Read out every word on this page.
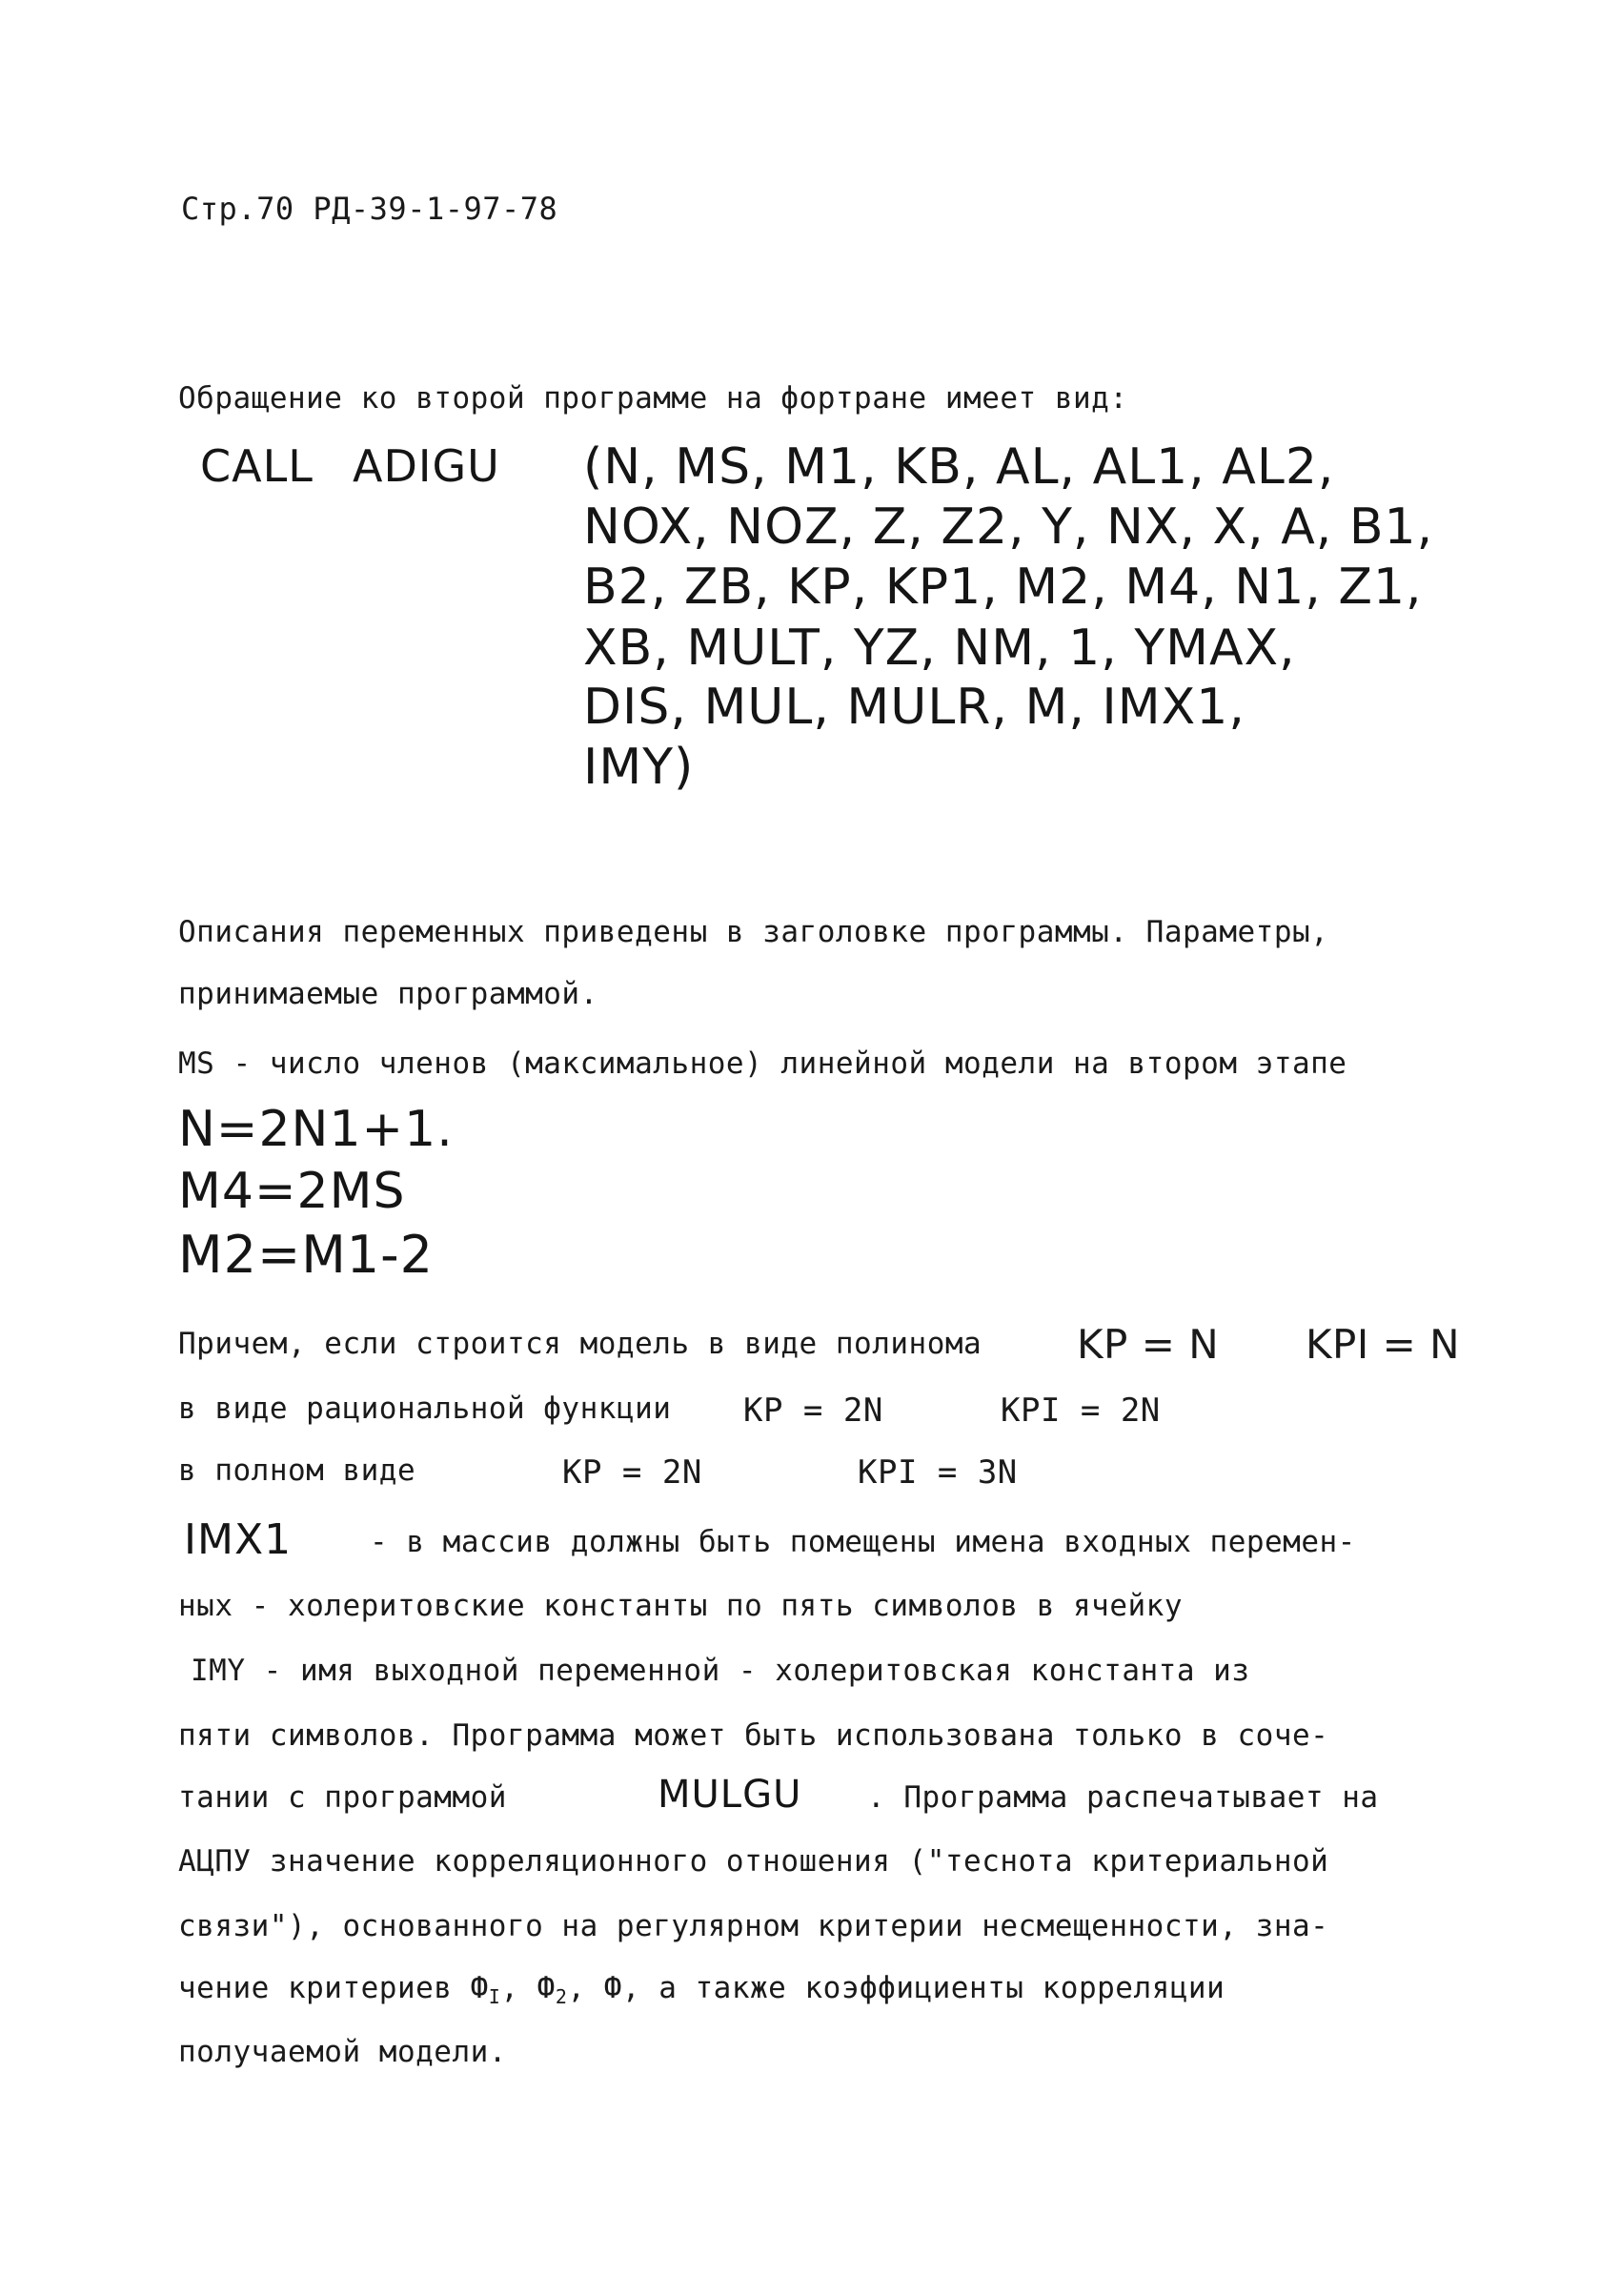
Стр.70 РД-39-1-97-78
Обращение ко второй программе на фортране имеет вид:
CALL ADIGU (N, MS, M1, KB, AL, AL1, AL2,
NOX, NOZ, Z, Z2, Y, NX, X, A, B1,
B2, ZB, KP, KP1, M2, M4, N1, Z1,
XB, MULT, YZ, NM, 1, YMAX,
DIS, MUL, MULR, M, IMX1,
IMY)
Описания переменных приведены в заголовке программы. Параметры,
принимаемые программой.
MS - число членов (максимальное) линейной модели на втором этапе
N=2N1+1.
M4=2MS
M2=M1-2
Причем, если строится модель в виде полинома KP = N KPI = N
в виде рациональной функции KP = 2N	KPI = 2N
в полном виде	KP = 2N	KPI = 3N
IMX1	- в массив должны быть помещены имена входных перемен-
ных - холеритовские константы по пять символов в ячейку
IMY - имя выходной переменной - холеритовская константа из
пяти символов. Программа может быть использована только в соче-
тании с программой	MULGU . Программа распечатывает на
АЦПУ значение корреляционного отношения ("теснота критериальной
связи"), основанного на регулярном критерии несмещенности, зна-
чение критериев $Ф_I$, $Ф_2$, Ф, а также коэффициенты корреляции
получаемой модели.
